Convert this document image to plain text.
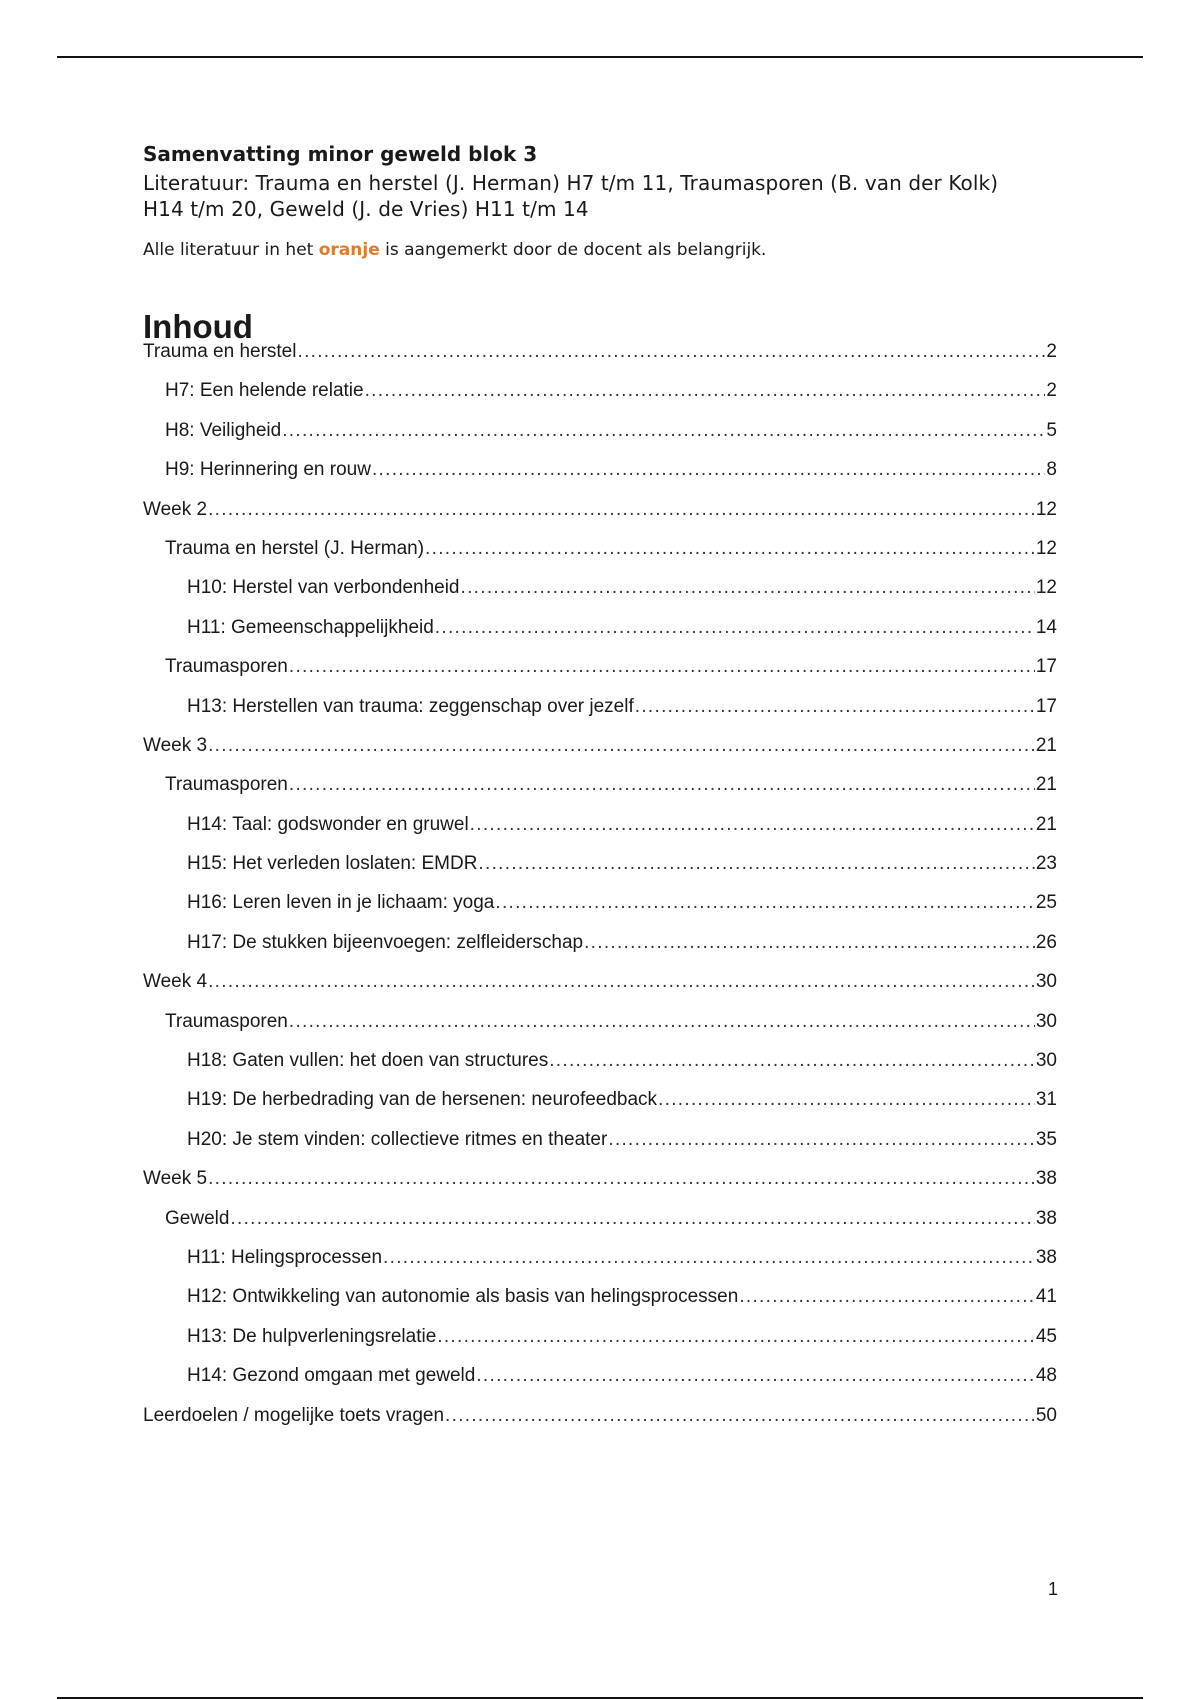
Samenvatting minor geweld blok 3
Literatuur: Trauma en herstel (J. Herman) H7 t/m 11, Traumasporen (B. van der Kolk)
H14 t/m 20, Geweld (J. de Vries) H11 t/m 14
Alle literatuur in het oranje is aangemerkt door de docent als belangrijk.
Inhoud
Trauma en herstel .....	2
H7: Een helende relatie .....	2
H8: Veiligheid .....	5
H9: Herinnering en rouw .....	8
Week 2 .....	12
Trauma en herstel (J. Herman) .....	12
H10: Herstel van verbondenheid .....	12
H11: Gemeenschappelijkheid .....	14
Traumasporen .....	17
H13: Herstellen van trauma: zeggenschap over jezelf .....	17
Week 3 .....	21
Traumasporen .....	21
H14: Taal: godswonder en gruwel .....	21
H15: Het verleden loslaten: EMDR .....	23
H16: Leren leven in je lichaam: yoga .....	25
H17: De stukken bijeenvoegen: zelfleiderschap .....	26
Week 4 .....	30
Traumasporen .....	30
H18: Gaten vullen: het doen van structures .....	30
H19: De herbedrading van de hersenen: neurofeedback .....	31
H20: Je stem vinden: collectieve ritmes en theater .....	35
Week 5 .....	38
Geweld .....	38
H11: Helingsprocessen .....	38
H12: Ontwikkeling van autonomie als basis van helingsprocessen .....	41
H13: De hulpverleningsrelatie .....	45
H14: Gezond omgaan met geweld .....	48
Leerdoelen / mogelijke toets vragen .....	50
1
